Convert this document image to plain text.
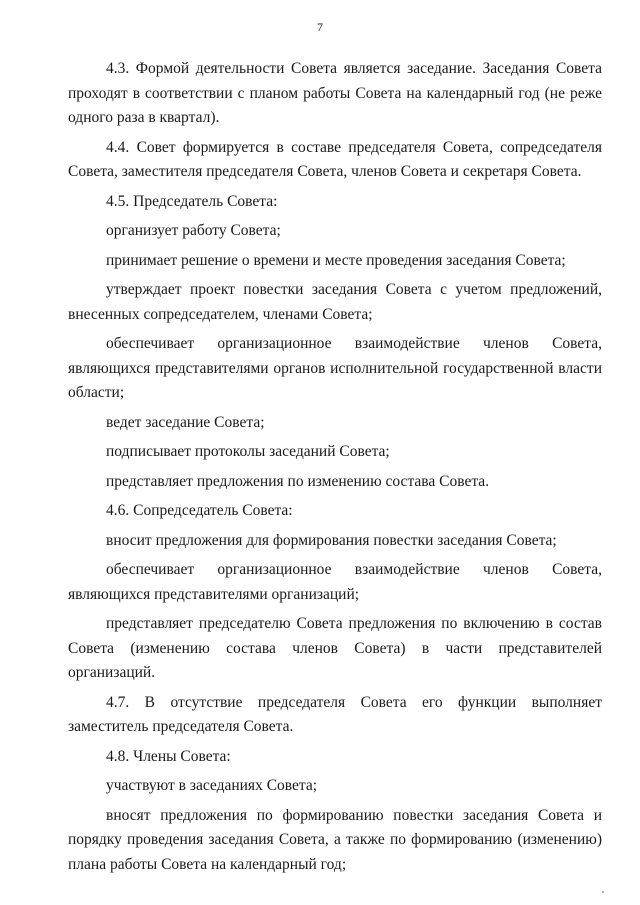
7

4.3. Формой деятельности Совета является заседание. Заседания Совета проходят в соответствии с планом работы Совета на календарный год (не реже одного раза в квартал).

4.4. Совет формируется в составе председателя Совета, сопредседателя Совета, заместителя председателя Совета, членов Совета и секретаря Совета.

4.5. Председатель Совета:

организует работу Совета;

принимает решение о времени и месте проведения заседания Совета;

утверждает проект повестки заседания Совета с учетом предложений, внесенных сопредседателем, членами Совета;

обеспечивает организационное взаимодействие членов Совета, являющихся представителями органов исполнительной государственной власти области;

ведет заседание Совета;

подписывает протоколы заседаний Совета;

представляет предложения по изменению состава Совета.

4.6. Сопредседатель Совета:

вносит предложения для формирования повестки заседания Совета;

обеспечивает организационное взаимодействие членов Совета, являющихся представителями организаций;

представляет председателю Совета предложения по включению в состав Совета (изменению состава членов Совета) в части представителей организаций.

4.7. В отсутствие председателя Совета его функции выполняет заместитель председателя Совета.

4.8. Члены Совета:

участвуют в заседаниях Совета;

вносят предложения по формированию повестки заседания Совета и порядку проведения заседания Совета, а также по формированию (изменению) плана работы Совета на календарный год;
